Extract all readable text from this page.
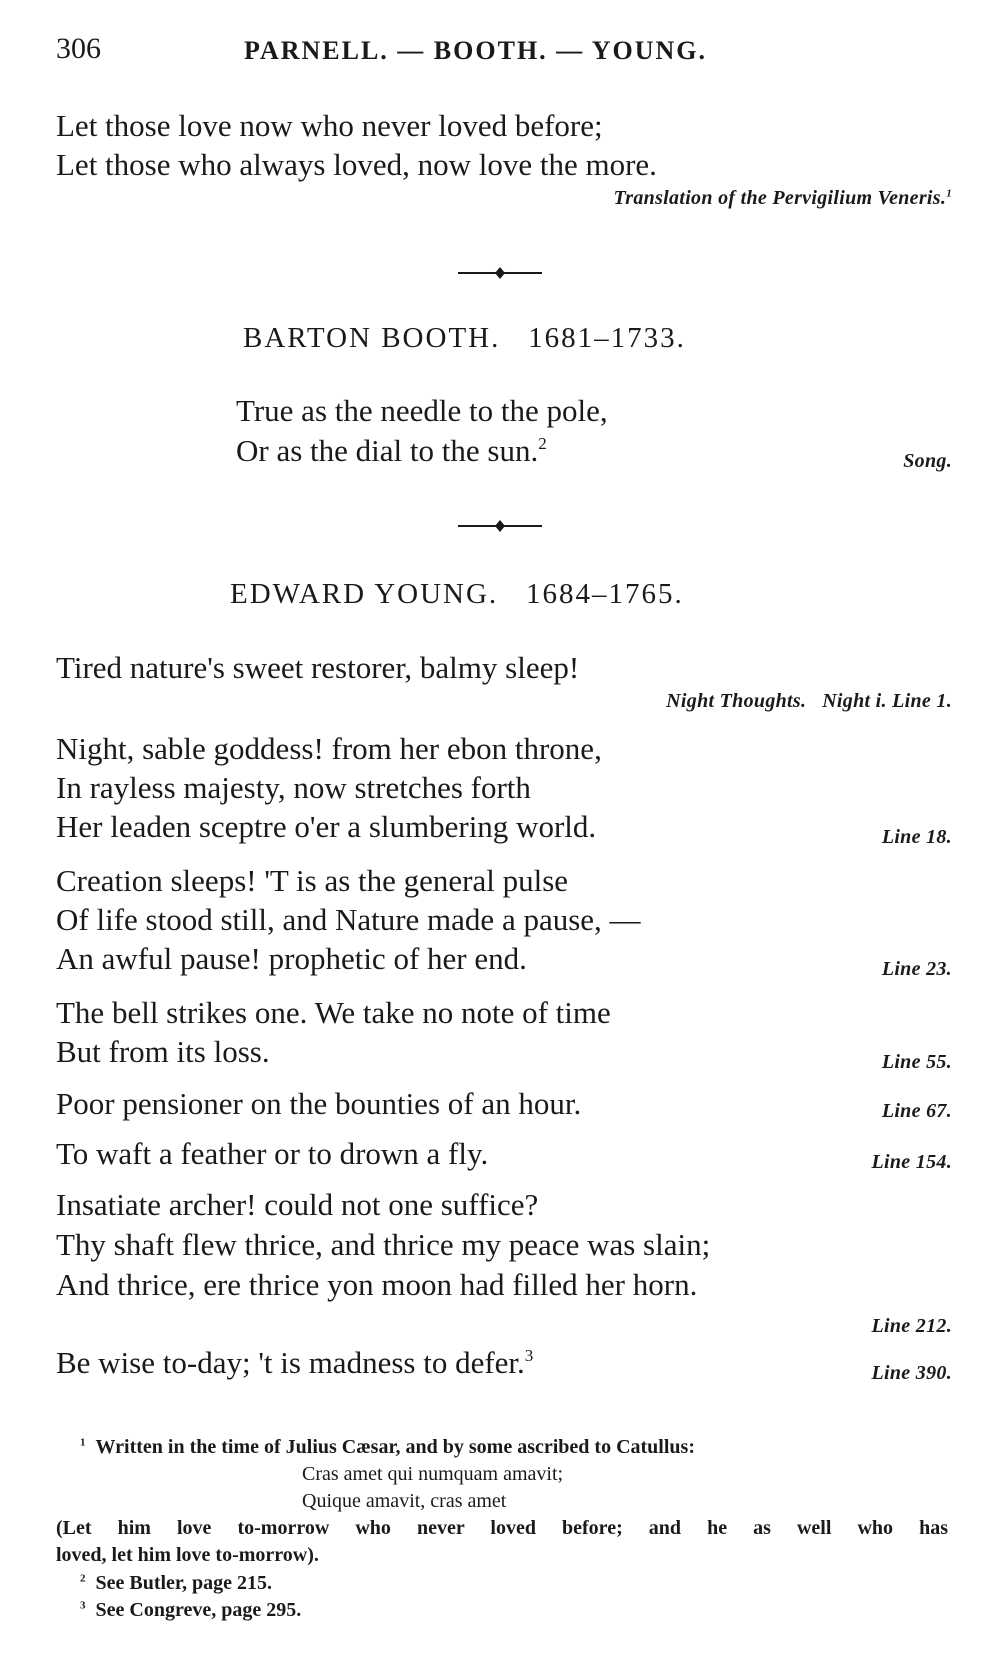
306	PARNELL. — BOOTH. — YOUNG.
Let those love now who never loved before;
Let those who always loved, now love the more.
Translation of the Pervigilium Veneris.$^1$
BARTON BOOTH. 1681–1733.
True as the needle to the pole,
Or as the dial to the sun.$^2$
Song.
EDWARD YOUNG. 1684–1765.
Tired nature's sweet restorer, balmy sleep!
Night Thoughts. Night i. Line 1.
Night, sable goddess! from her ebon throne,
In rayless majesty, now stretches forth
Her leaden sceptre o'er a slumbering world.	Line 18.
Creation sleeps! 'T is as the general pulse
Of life stood still, and Nature made a pause, —
An awful pause! prophetic of her end.	Line 23.
The bell strikes one. We take no note of time
But from its loss.	Line 55.
Poor pensioner on the bounties of an hour.	Line 67.
To waft a feather or to drown a fly.	Line 154.
Insatiate archer! could not one suffice?
Thy shaft flew thrice, and thrice my peace was slain;
And thrice, ere thrice yon moon had filled her horn.
Line 212.
Be wise to-day; 't is madness to defer.$^3$
Line 390.
$^1$ Written in the time of Julius Cæsar, and by some ascribed to Catullus:
Cras amet qui numquam amavit;
Quique amavit, cras amet
(Let him love to-morrow who never loved before; and he as well who has
loved, let him love to-morrow).
$^2$ See Butler, page 215.
$^3$ See Congreve, page 295.
